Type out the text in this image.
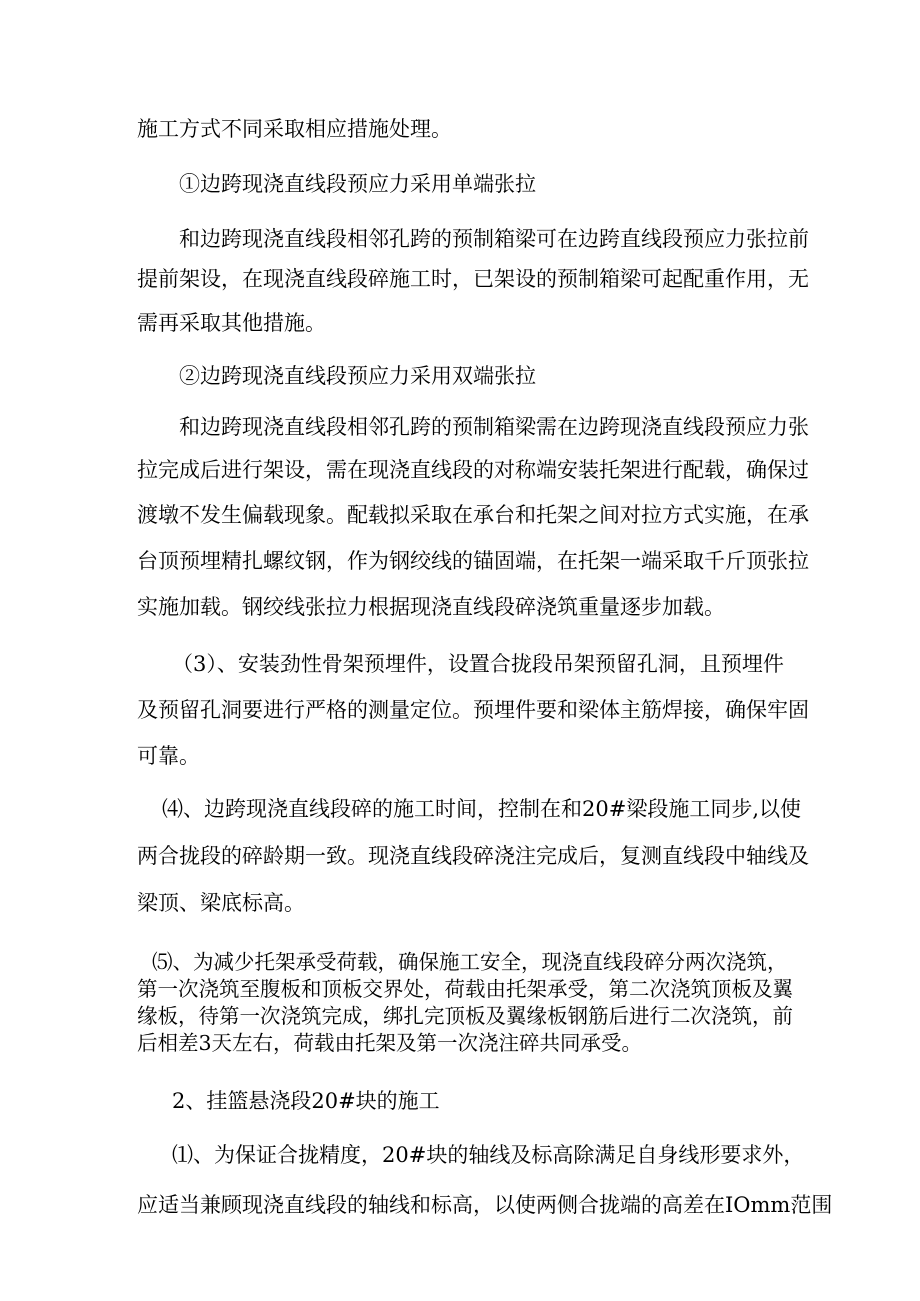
施工方式不同采取相应措施处理。
①边跨现浇直线段预应力采用单端张拉
和边跨现浇直线段相邻孔跨的预制箱梁可在边跨直线段预应力张拉前
提前架设，在现浇直线段碎施工时，已架设的预制箱梁可起配重作用，无
需再采取其他措施。
②边跨现浇直线段预应力采用双端张拉
和边跨现浇直线段相邻孔跨的预制箱梁需在边跨现浇直线段预应力张
拉完成后进行架设，需在现浇直线段的对称端安装托架进行配载，确保过
渡墩不发生偏载现象。配载拟采取在承台和托架之间对拉方式实施，在承
台顶预埋精扎螺纹钢，作为钢绞线的锚固端，在托架一端采取千斤顶张拉
实施加载。钢绞线张拉力根据现浇直线段碎浇筑重量逐步加载。
（3）、安装劲性骨架预埋件，设置合拢段吊架预留孔洞，且预埋件
及预留孔洞要进行严格的测量定位。预埋件要和梁体主筋焊接，确保牢固
可靠。
⑷、边跨现浇直线段碎的施工时间，控制在和20#梁段施工同步,以使
两合拢段的碎龄期一致。现浇直线段碎浇注完成后，复测直线段中轴线及
梁顶、梁底标高。
⑸、为减少托架承受荷载，确保施工安全，现浇直线段碎分两次浇筑，
第一次浇筑至腹板和顶板交界处，荷载由托架承受，第二次浇筑顶板及翼
缘板，待第一次浇筑完成，绑扎完顶板及翼缘板钢筋后进行二次浇筑，前
后相差3天左右，荷载由托架及第一次浇注碎共同承受。
2、挂篮悬浇段20#块的施工
⑴、为保证合拢精度，20#块的轴线及标高除满足自身线形要求外，
应适当兼顾现浇直线段的轴线和标高，以使两侧合拢端的高差在IOmm范围
